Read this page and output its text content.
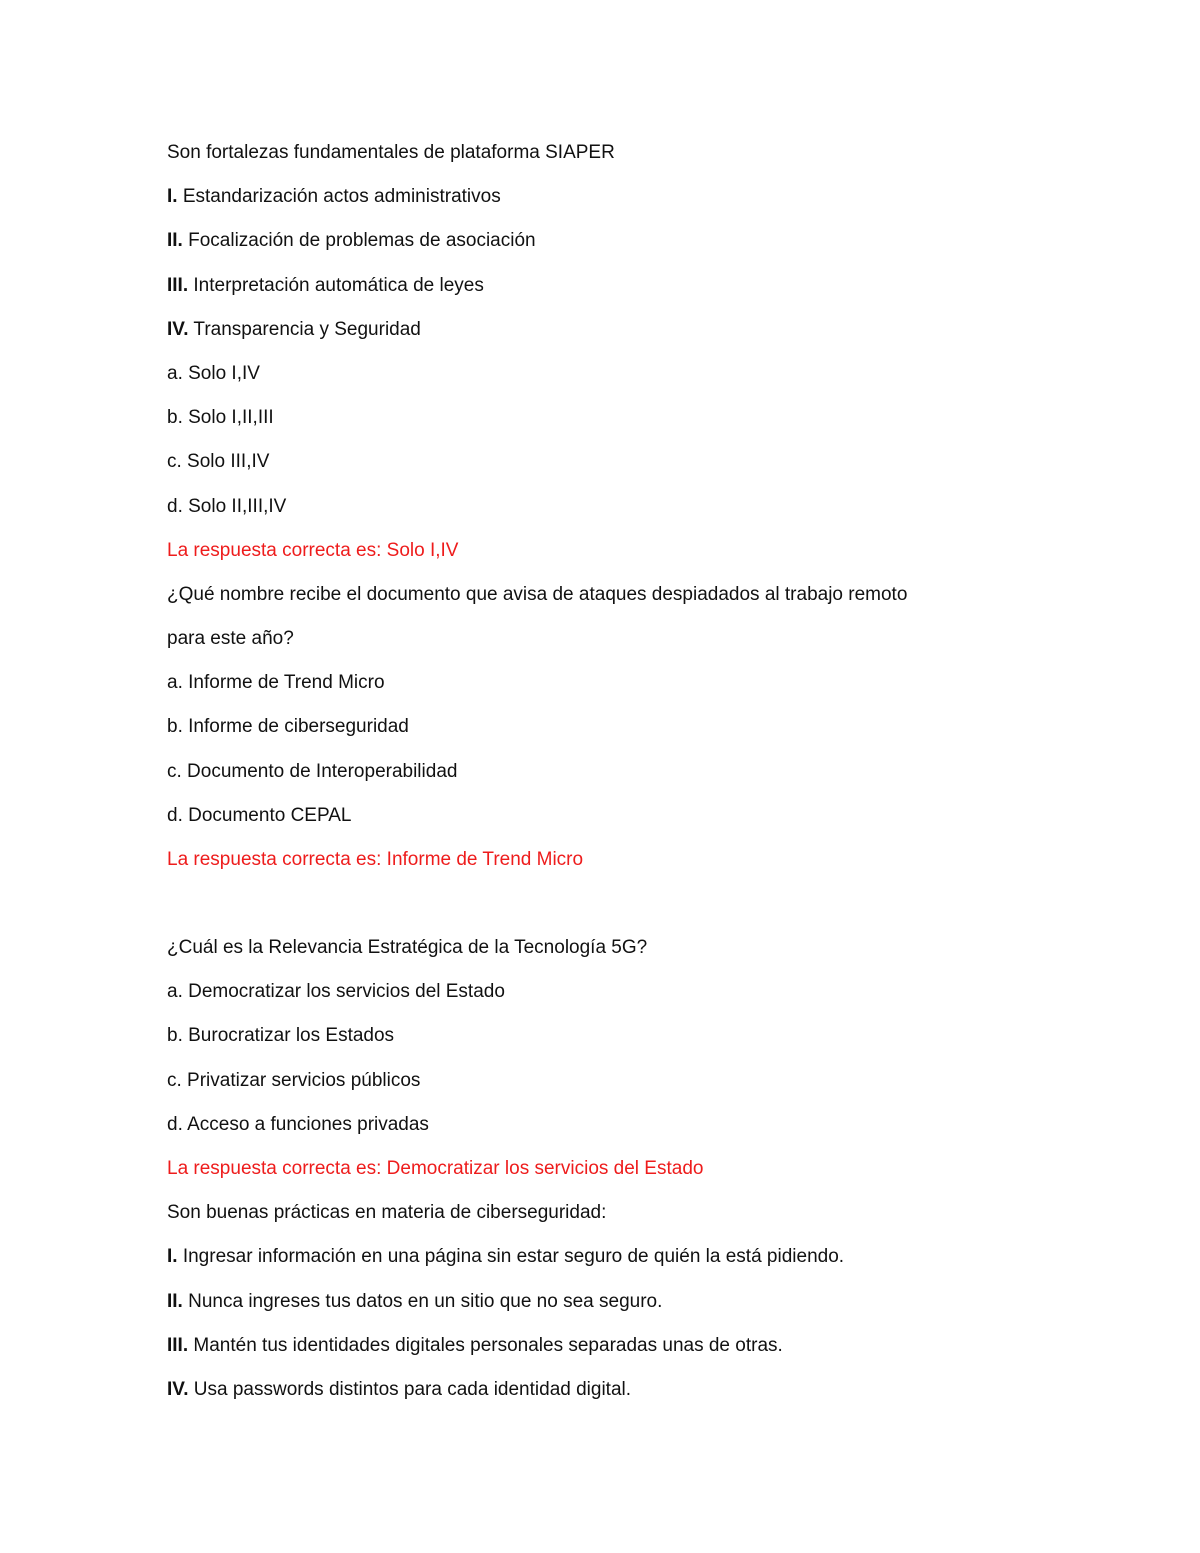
Son fortalezas fundamentales de plataforma SIAPER
I. Estandarización actos administrativos
II. Focalización de problemas de asociación
III. Interpretación automática de leyes
IV. Transparencia y Seguridad
a. Solo I,IV
b. Solo I,II,III
c. Solo III,IV
d. Solo II,III,IV
La respuesta correcta es: Solo I,IV
¿Qué nombre recibe el documento que avisa de ataques despiadados al trabajo remoto
para este año?
a. Informe de Trend Micro
b. Informe de ciberseguridad
c. Documento de Interoperabilidad
d. Documento CEPAL
La respuesta correcta es: Informe de Trend Micro
¿Cuál es la Relevancia Estratégica de la Tecnología 5G?
a. Democratizar los servicios del Estado
b. Burocratizar los Estados
c. Privatizar servicios públicos
d. Acceso a funciones privadas
La respuesta correcta es: Democratizar los servicios del Estado
Son buenas prácticas en materia de ciberseguridad:
I. Ingresar información en una página sin estar seguro de quién la está pidiendo.
II. Nunca ingreses tus datos en un sitio que no sea seguro.
III. Mantén tus identidades digitales personales separadas unas de otras.
IV. Usa passwords distintos para cada identidad digital.
